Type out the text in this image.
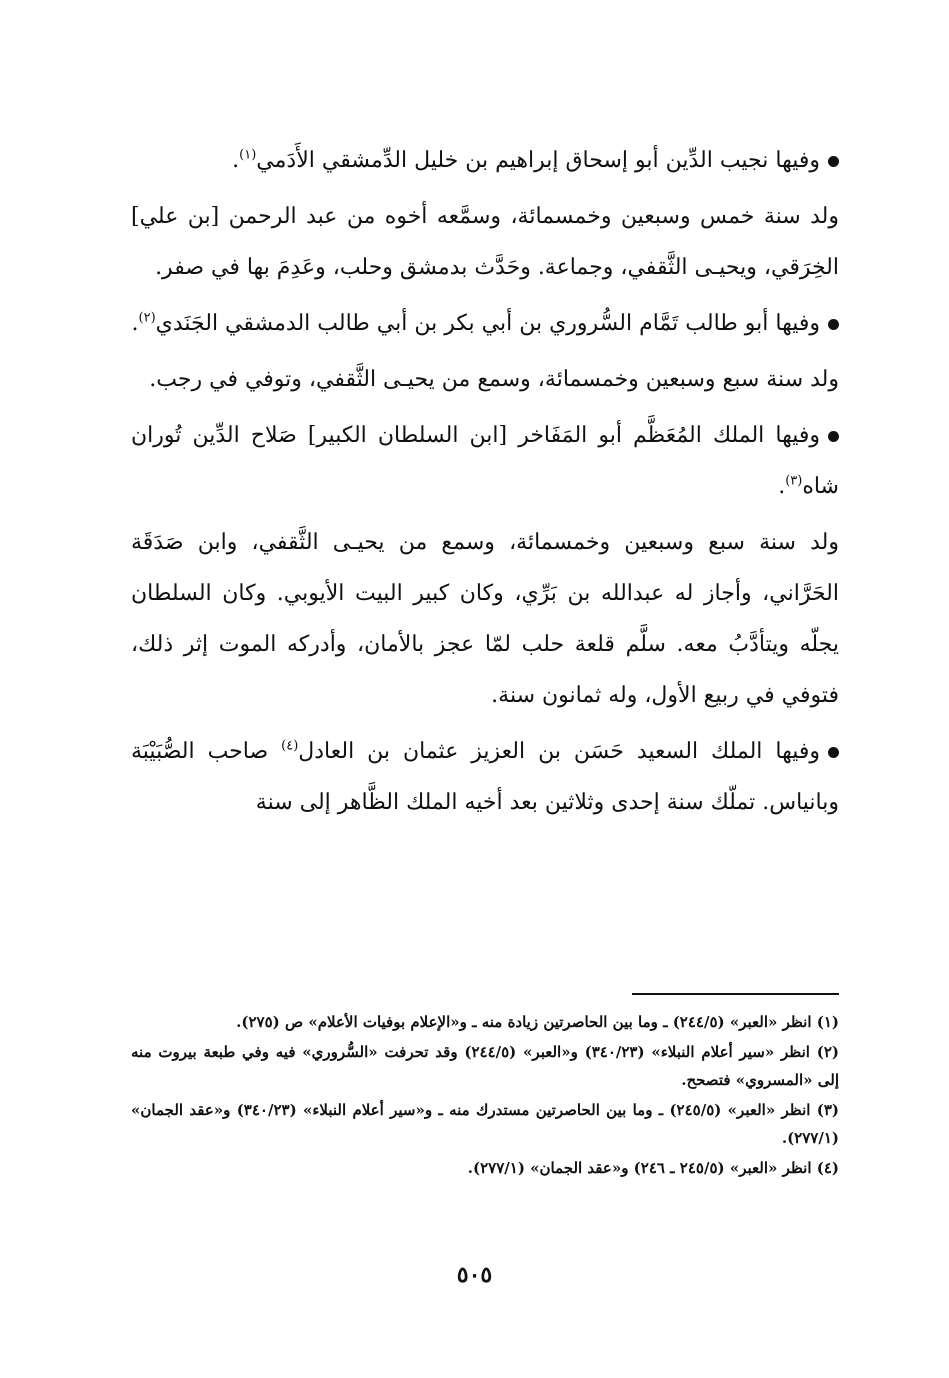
وفيها نجيب الدِّين أبو إسحاق إبراهيم بن خليل الدِّمشقي الأَدَمي$^{(١)}$.

ولد سنة خمس وسبعين وخمسمائة، وسمَّعه أخوه من عبد الرحمن [بن علي] الخِرَقي، ويحيـى الثَّقفي، وجماعة. وحَدَّث بدمشق وحلب، وعَدِمَ بها في صفر.

وفيها أبو طالب تَمَّام السُّروري بن أبي بكر بن أبي طالب الدمشقي الجَنَدي$^{(٢)}$.

ولد سنة سبع وسبعين وخمسمائة، وسمع من يحيـى الثَّقفي، وتوفي في رجب.

وفيها الملك المُعَظَّم أبو المَفَاخر [ابن السلطان الكبير] صَلاح الدِّين تُوران شاه$^{(٣)}$.

ولد سنة سبع وسبعين وخمسمائة، وسمع من يحيـى الثَّقفي، وابن صَدَقَة الحَرَّاني، وأجاز له عبدالله بن بَرِّي، وكان كبير البيت الأيوبي. وكان السلطان يجلّه ويتأدَّبُ معه. سلَّم قلعة حلب لمّا عجز بالأمان، وأدركه الموت إثر ذلك، فتوفي في ربيع الأول، وله ثمانون سنة.

وفيها الملك السعيد حَسَن بن العزيز عثمان بن العادل$^{(٤)}$ صاحب الصُّبَيْبَة وبانياس. تملّك سنة إحدى وثلاثين بعد أخيه الملك الظَّاهر إلى سنة

(١) انظر «العبر» (٢٤٤/٥) ـ وما بين الحاصرتين زيادة منه ـ و«الإعلام بوفيات الأعلام» ص (٢٧٥).

(٢) انظر «سير أعلام النبلاء» (٣٤٠/٢٣) و«العبر» (٢٤٤/٥) وقد تحرفت «السُّروري» فيه وفي طبعة بيروت منه إلى «المسروي» فتصحح.

(٣) انظر «العبر» (٢٤٥/٥) ـ وما بين الحاصرتين مستدرك منه ـ و«سير أعلام النبلاء» (٣٤٠/٢٣) و«عقد الجمان» (٢٧٧/١).

(٤) انظر «العبر» (٢٤٥/٥ ـ ٢٤٦) و«عقد الجمان» (٢٧٧/١).

٥٠٥
